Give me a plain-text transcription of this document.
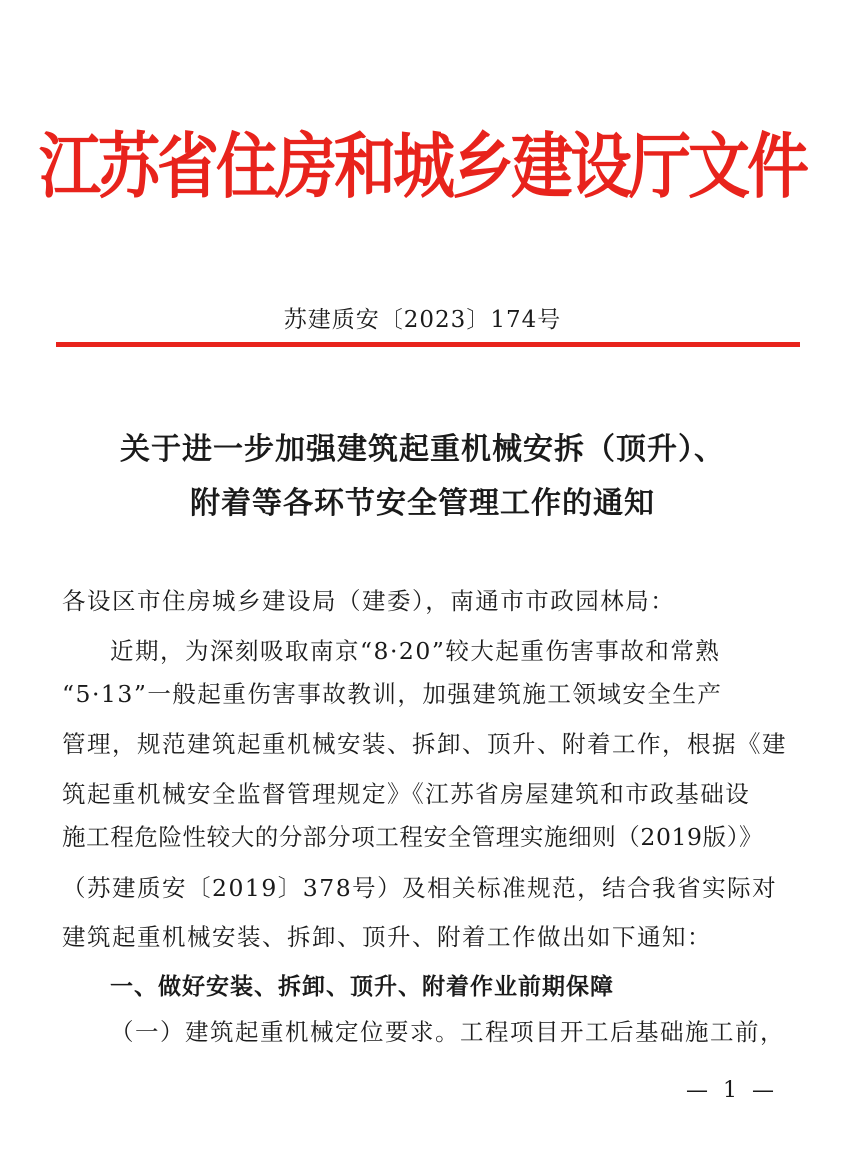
江苏省住房和城乡建设厅文件
苏建质安〔2023〕174号
关于进一步加强建筑起重机械安拆（顶升）、
附着等各环节安全管理工作的通知
各设区市住房城乡建设局（建委），南通市市政园林局：
近期，为深刻吸取南京“8·20”较大起重伤害事故和常熟
“5·13”一般起重伤害事故教训，加强建筑施工领域安全生产
管理，规范建筑起重机械安装、拆卸、顶升、附着工作，根据《建
筑起重机械安全监督管理规定》《江苏省房屋建筑和市政基础设
施工程危险性较大的分部分项工程安全管理实施细则（2019版）》
（苏建质安〔2019〕378号）及相关标准规范，结合我省实际对
建筑起重机械安装、拆卸、顶升、附着工作做出如下通知：
一、做好安装、拆卸、顶升、附着作业前期保障
（一）建筑起重机械定位要求。工程项目开工后基础施工前，
— 1 —
